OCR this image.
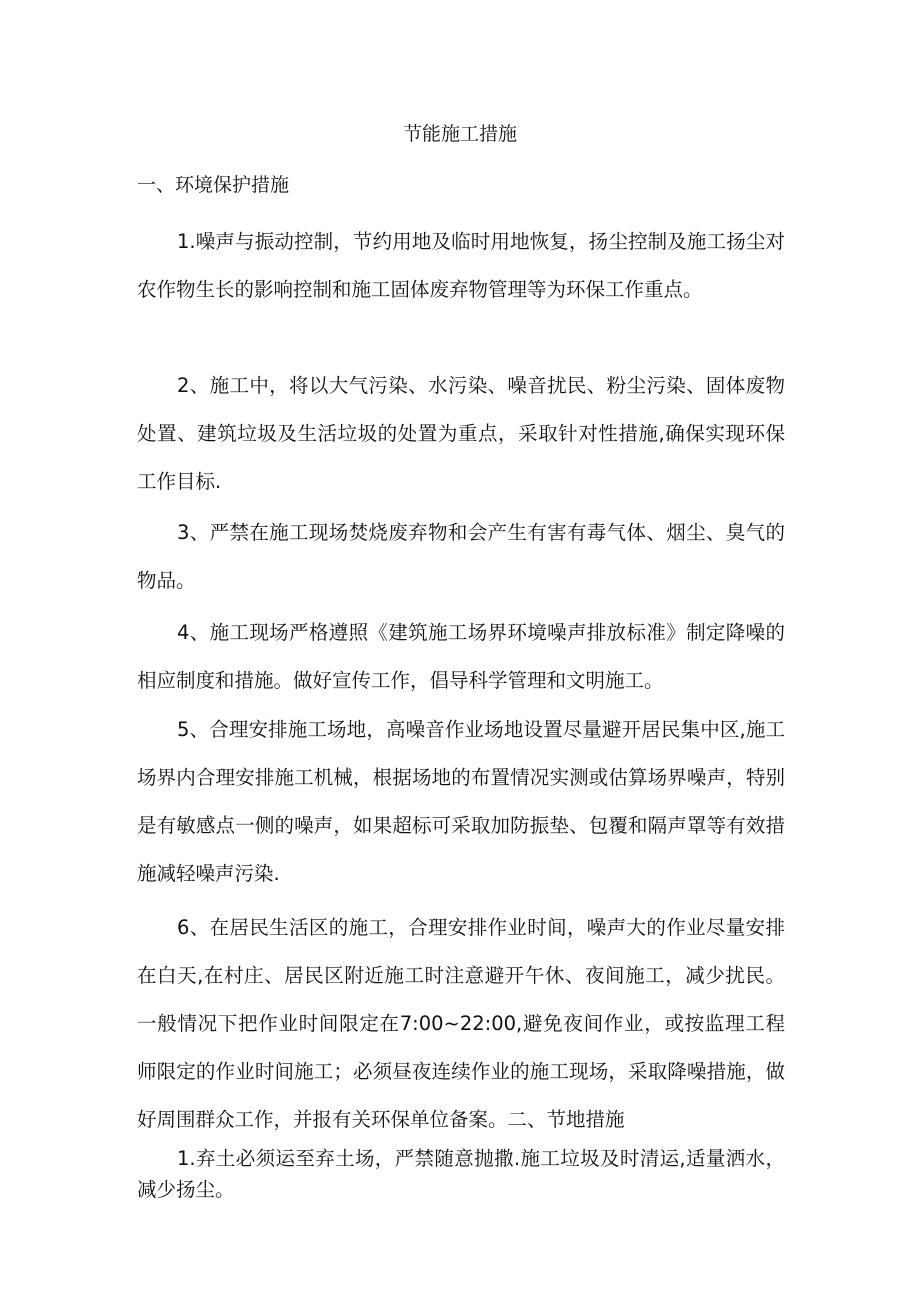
节能施工措施
一、环境保护措施

1.噪声与振动控制，节约用地及临时用地恢复，扬尘控制及施工扬尘对农作物生长的影响控制和施工固体废弃物管理等为环保工作重点。

2、施工中，将以大气污染、水污染、噪音扰民、粉尘污染、固体废物处置、建筑垃圾及生活垃圾的处置为重点，采取针对性措施,确保实现环保工作目标.

3、严禁在施工现场焚烧废弃物和会产生有害有毒气体、烟尘、臭气的物品。

4、施工现场严格遵照《建筑施工场界环境噪声排放标准》制定降噪的相应制度和措施。做好宣传工作，倡导科学管理和文明施工。

5、合理安排施工场地，高噪音作业场地设置尽量避开居民集中区,施工场界内合理安排施工机械，根据场地的布置情况实测或估算场界噪声，特别是有敏感点一侧的噪声，如果超标可采取加防振垫、包覆和隔声罩等有效措施减轻噪声污染.

6、在居民生活区的施工，合理安排作业时间，噪声大的作业尽量安排在白天,在村庄、居民区附近施工时注意避开午休、夜间施工，减少扰民。一般情况下把作业时间限定在7:00~22:00,避免夜间作业，或按监理工程师限定的作业时间施工；必须昼夜连续作业的施工现场，采取降噪措施，做好周围群众工作，并报有关环保单位备案。二、节地措施

1.弃土必须运至弃土场，严禁随意抛撒.施工垃圾及时清运,适量洒水，减少扬尘。
